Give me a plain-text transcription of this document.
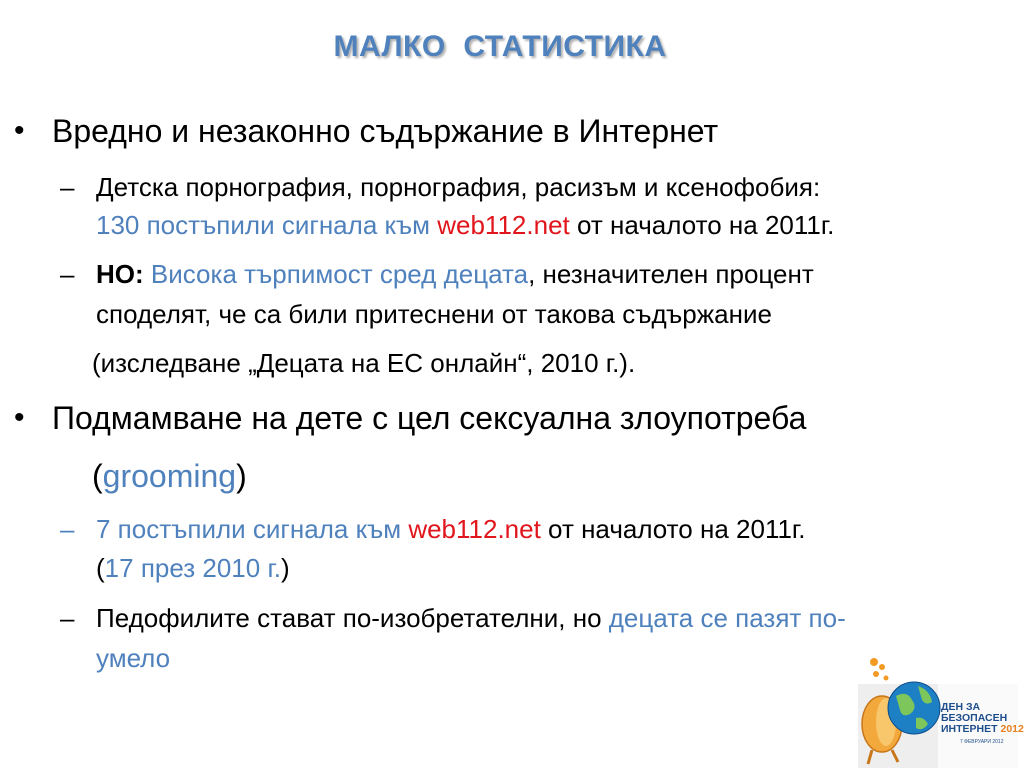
МАЛКО  СТАТИСТИКА
• Вредно и незаконно съдържание в Интернет
– Детска порнография, порнография, расизъм и ксенофобия:
130 постъпили сигнала към web112.net от началото на 2011г.
– НО: Висока търпимост сред децата, незначителен процент
споделят, че са били притеснени от такова съдържание
(изследване „Децата на ЕС онлайн“, 2010 г.).
• Подмамване на дете с цел сексуална злоупотреба
(grooming)
– 7 постъпили сигнала към web112.net от началото на 2011г.
(17 през 2010 г.)
– Педофилите стават по-изобретателни, но децата се пазят по-
умело
ДЕН ЗА
БЕЗОПАСЕН
ИНТЕРНЕТ 2012
7 ФЕВРУАРИ 2012
